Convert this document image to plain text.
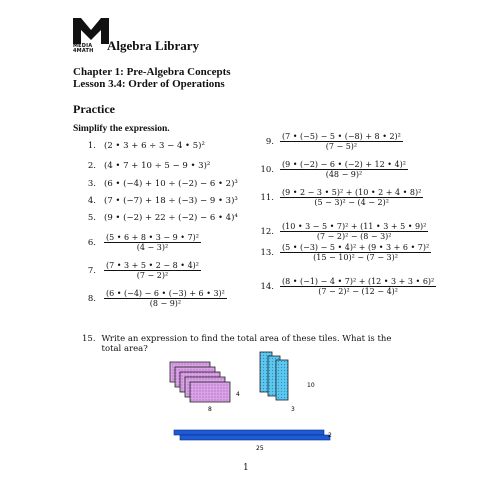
MEDIA 4MATH	Algebra Library
Chapter 1: Pre-Algebra Concepts
Lesson 3.4: Order of Operations
Practice
Simplify the expression.
1. (2 • 3 + 6 ÷ 3 − 4 • 5)²
2. (4 • 7 + 10 ÷ 5 − 9 • 3)²
3. (6 • (−4) + 10 ÷ (−2) − 6 • 2)³
4. (7 • (−7) + 18 ÷ (−3) − 9 • 3)³
5. (9 • (−2) + 22 ÷ (−2) − 6 • 4)⁴
6. $\frac{\text{(5 • 6 + 8 • 3 − 9 • 7)²}}{\text{(4 − 3)²}}$
7. $\frac{\text{(7 • 3 + 5 • 2 − 8 • 4)²}}{\text{(7 − 2)²}}$
8. $\frac{\text{(6 • (−4) − 6 • (−3) + 6 • 3)²}}{\text{(8 − 9)²}}$
9. $\frac{\text{(7 • (−5) − 5 • (−8) + 8 • 2)²}}{\text{(7 − 5)²}}$
10. $\frac{\text{(9 • (−2) − 6 • (−2) + 12 • 4)²}}{\text{(48 − 9)²}}$
11. $\frac{\text{(9 • 2 − 3 • 5)² + (10 • 2 + 4 • 8)²}}{\text{(5 − 3)² − (4 − 2)²}}$
12. $\frac{\text{(10 • 3 − 5 • 7)² + (11 • 3 + 5 • 9)²}}{\text{(7 − 2)² − (8 − 3)²}}$
13. $\frac{\text{(5 • (−3) − 5 • 4)² + (9 • 3 + 6 • 7)²}}{\text{(15 − 10)² − (7 − 3)²}}$
14. $\frac{\text{(8 • (−1) − 4 • 7)² + (12 • 3 + 3 • 6)²}}{\text{(7 − 2)² − (12 − 4)²}}$
15. Write an expression to find the total area of these tiles. What is the total area?
4
8
10
3
2
25
1
